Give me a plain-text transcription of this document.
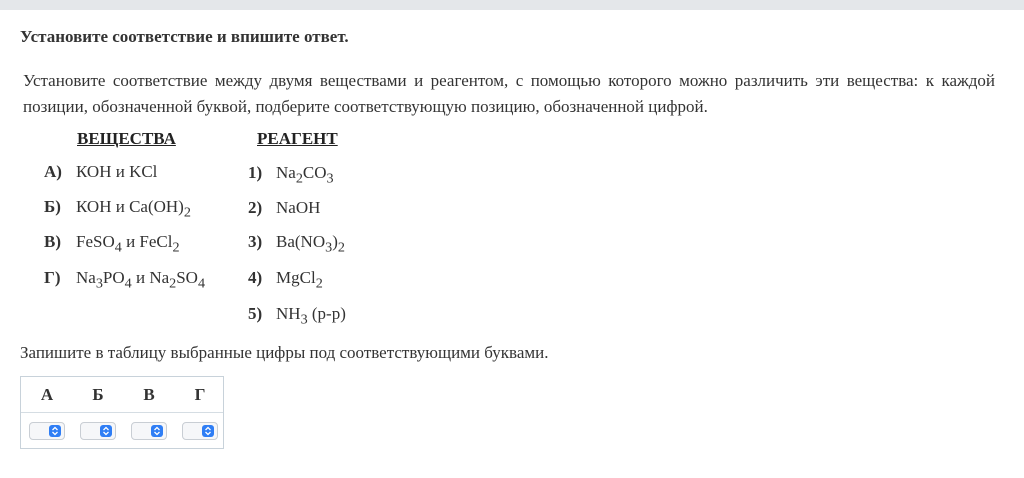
Установите соответствие и впишите ответ.
Установите соответствие между двумя веществами и реагентом, с помощью которого можно различить эти вещества: к каждой позиции, обозначенной буквой, подберите соответствующую позицию, обозначенной цифрой.
ВЕЩЕСТВА	РЕАГЕНТ
А) КОН и KCl
Б) КОН и $Ca(OH)_2$
В) FeSO$_4$ и FeCl$_2$
Г) $Na_3PO_4$ и $Na_2SO_4$
1) $Na_2CO_3$
2) NaOH
3) $Ba(NO_3)_2$
4) MgCl$_2$
5) $NH_3$ (р-р)
Запишите в таблицу выбранные цифры под соответствующими буквами.
А Б В Г
